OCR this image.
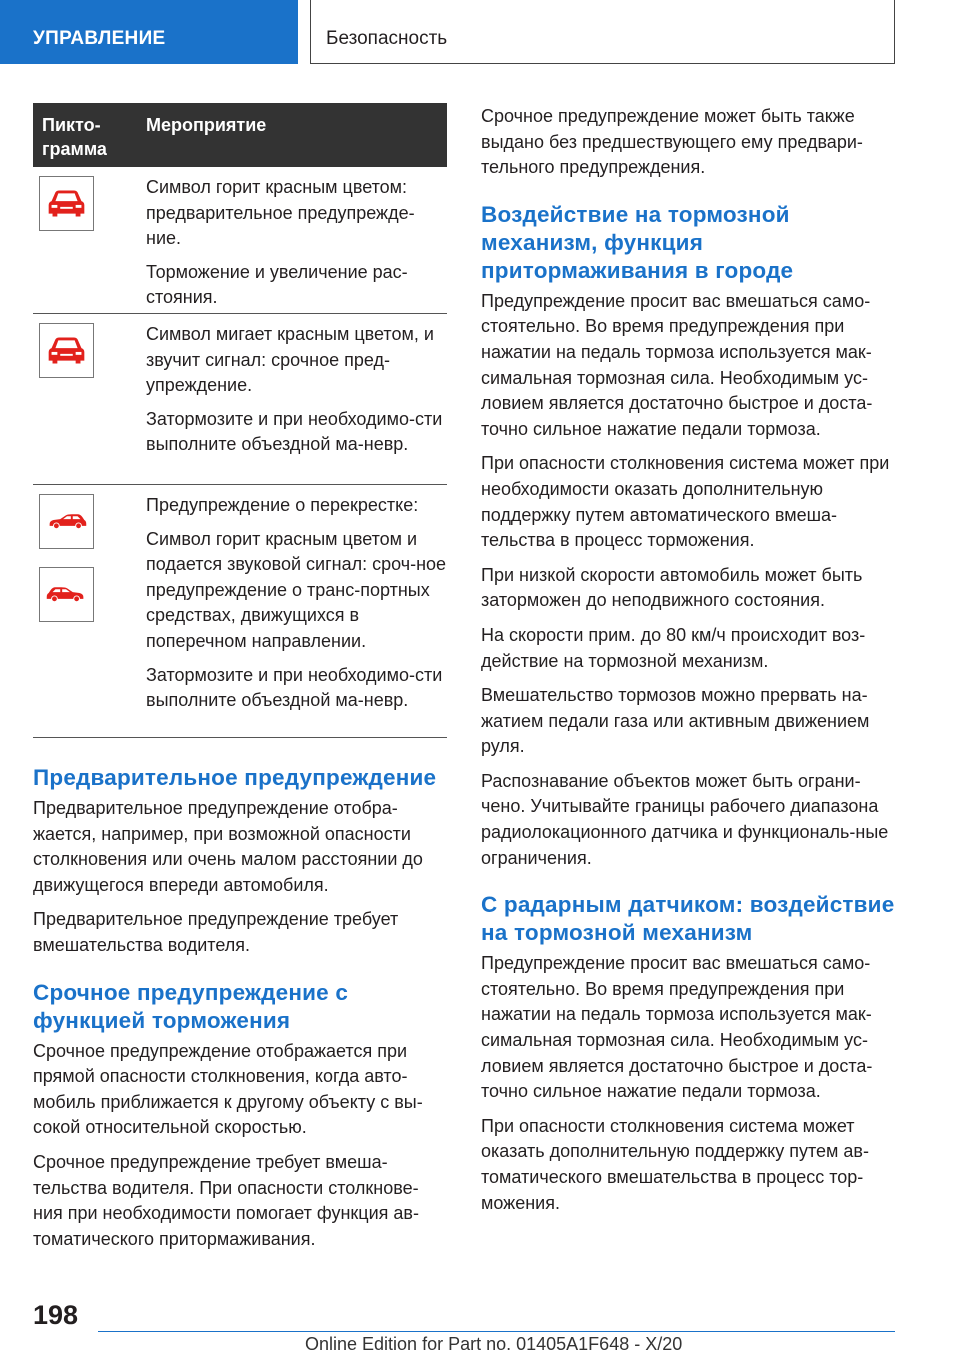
УПРАВЛЕНИЕ	Безопасность
Пикто-
грамма
Мероприятие

Символ горит красным цветом: предварительное предупрежде-ние.

Торможение и увеличение рас-стояния.

Символ мигает красным цветом, и звучит сигнал: срочное пред-упреждение.

Затормозите и при необходимо-сти выполните объездной ма-невр.

Предупреждение о перекрестке:

Символ горит красным цветом и подается звуковой сигнал: сроч-ное предупреждение о транс-портных средствах, движущихся в поперечном направлении.

Затормозите и при необходимо-сти выполните объездной ма-невр.

Предварительное предупреждение

Предварительное предупреждение отобра-жается, например, при возможной опасности столкновения или очень малом расстоянии до движущегося впереди автомобиля.

Предварительное предупреждение требует вмешательства водителя.

Срочное предупреждение с функцией торможения

Срочное предупреждение отображается при прямой опасности столкновения, когда авто-мобиль приближается к другому объекту с вы-сокой относительной скоростью.

Срочное предупреждение требует вмеша-тельства водителя. При опасности столкнове-ния при необходимости помогает функция ав-томатического притормаживания.

Срочное предупреждение может быть также выдано без предшествующего ему предвари-тельного предупреждения.

Воздействие на тормозной механизм, функция притормаживания в городе

Предупреждение просит вас вмешаться само-стоятельно. Во время предупреждения при нажатии на педаль тормоза используется мак-симальная тормозная сила. Необходимым ус-ловием является достаточно быстрое и доста-точно сильное нажатие педали тормоза.

При опасности столкновения система может при необходимости оказать дополнительную поддержку путем автоматического вмеша-тельства в процесс торможения.

При низкой скорости автомобиль может быть заторможен до неподвижного состояния.

На скорости прим. до 80 км/ч происходит воз-действие на тормозной механизм.

Вмешательство тормозов можно прервать на-жатием педали газа или активным движением руля.

Распознавание объектов может быть ограни-чено. Учитывайте границы рабочего диапазона радиолокационного датчика и функциональ-ные ограничения.

С радарным датчиком: воздействие на тормозной механизм

Предупреждение просит вас вмешаться само-стоятельно. Во время предупреждения при нажатии на педаль тормоза используется мак-симальная тормозная сила. Необходимым ус-ловием является достаточно быстрое и доста-точно сильное нажатие педали тормоза.

При опасности столкновения система может оказать дополнительную поддержку путем ав-томатического вмешательства в процесс тор-можения.

198
Online Edition for Part no. 01405A1F648 - X/20
